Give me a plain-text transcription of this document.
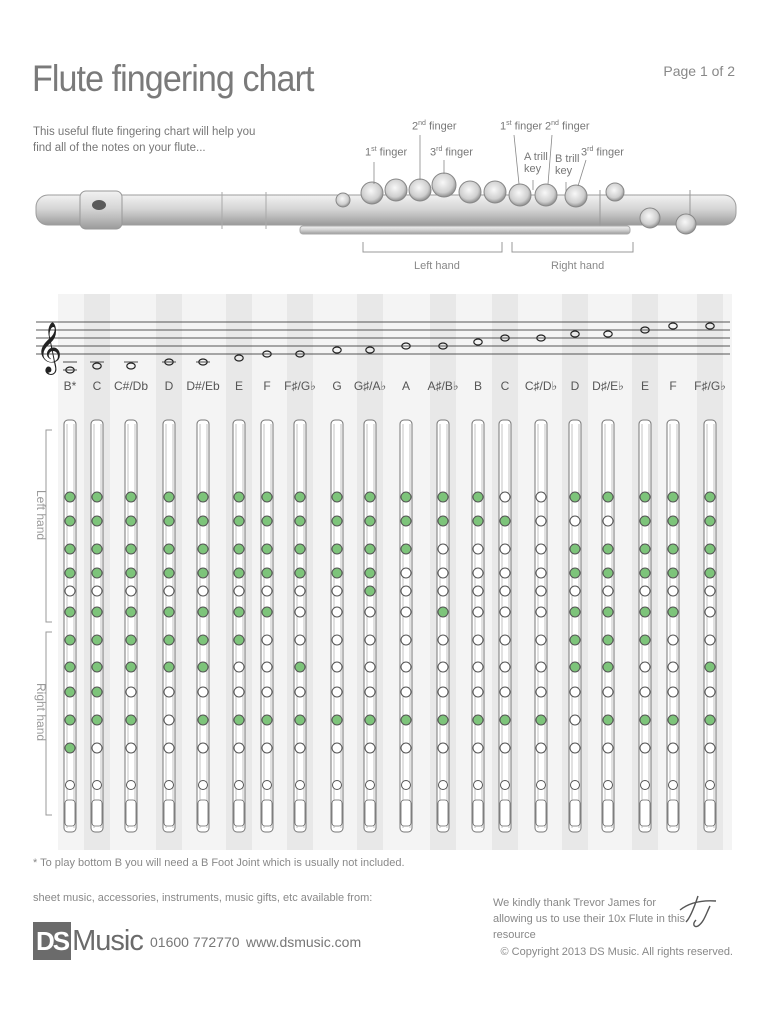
Flute fingering chart	Page 1 of 2
This useful flute fingering chart will help you find all of the notes on your flute...	1st finger
2nd finger
3rd finger
1st finger 2nd finger
3rd finger
A trill key
B trill key
Left hand	Right hand
𝄞
B* C C#/Db D D#/Eb E F F♯/G♭ G G♯/A♭ A A♯/B♭ B C C♯/D♭ D D♯/E♭ E F F♯/G♭
Left hand
Right hand
* To play bottom B you will need a B Foot Joint which is usually not included.
sheet music, accessories, instruments, music gifts, etc available from:
DS Music 01600 772770 www.dsmusic.com
We kindly thank Trevor James for allowing us to use their 10x Flute in this resource
© Copyright 2013 DS Music. All rights reserved.
